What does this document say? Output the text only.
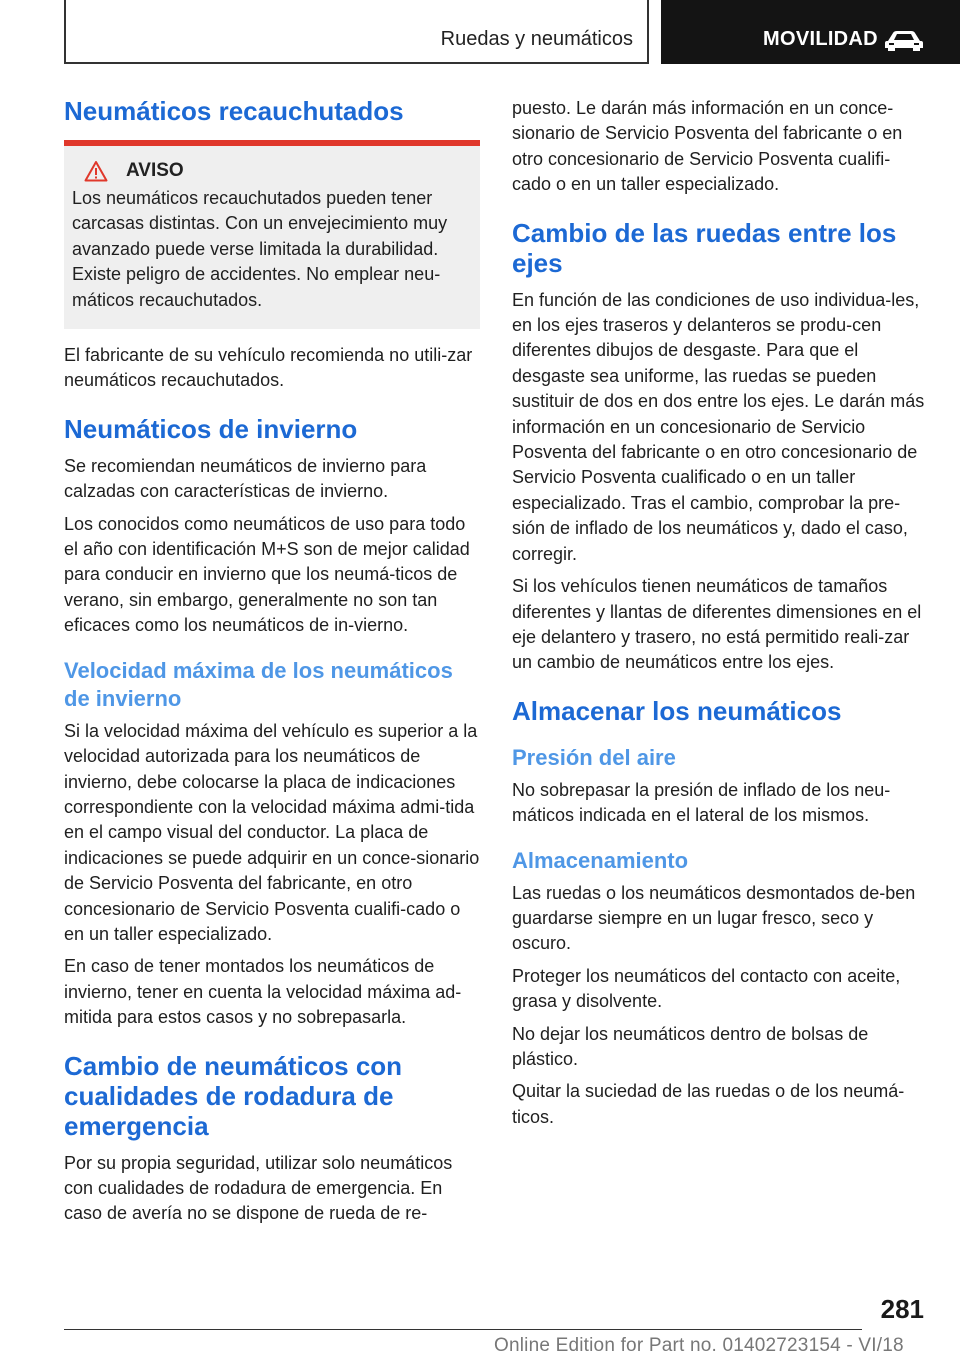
Ruedas y neumáticos	MOVILIDAD
Neumáticos recauchutados
AVISO

Los neumáticos recauchutados pueden tener carcasas distintas. Con un envejecimiento muy avanzado puede verse limitada la durabilidad. Existe peligro de accidentes. No emplear neu‐máticos recauchutados.

El fabricante de su vehículo recomienda no utili‐zar neumáticos recauchutados.

Neumáticos de invierno

Se recomiendan neumáticos de invierno para calzadas con características de invierno.

Los conocidos como neumáticos de uso para todo el año con identificación M+S son de mejor calidad para conducir en invierno que los neumá‐ticos de verano, sin embargo, generalmente no son tan eficaces como los neumáticos de in‐vierno.

Velocidad máxima de los neumáticos de invierno

Si la velocidad máxima del vehículo es superior a la velocidad autorizada para los neumáticos de invierno, debe colocarse la placa de indicaciones correspondiente con la velocidad máxima admi‐tida en el campo visual del conductor. La placa de indicaciones se puede adquirir en un conce‐sionario de Servicio Posventa del fabricante, en otro concesionario de Servicio Posventa cualifi‐cado o en un taller especializado.

En caso de tener montados los neumáticos de invierno, tener en cuenta la velocidad máxima ad‐mitida para estos casos y no sobrepasarla.

Cambio de neumáticos con cualidades de rodadura de emergencia

Por su propia seguridad, utilizar solo neumáticos con cualidades de rodadura de emergencia. En caso de avería no se dispone de rueda de re‐

puesto. Le darán más información en un conce‐sionario de Servicio Posventa del fabricante o en otro concesionario de Servicio Posventa cualifi‐cado o en un taller especializado.

Cambio de las ruedas entre los ejes

En función de las condiciones de uso individua‐les, en los ejes traseros y delanteros se produ‐cen diferentes dibujos de desgaste. Para que el desgaste sea uniforme, las ruedas se pueden sustituir de dos en dos entre los ejes. Le darán más información en un concesionario de Servicio Posventa del fabricante o en otro concesionario de Servicio Posventa cualificado o en un taller especializado. Tras el cambio, comprobar la pre‐sión de inflado de los neumáticos y, dado el caso, corregir.

Si los vehículos tienen neumáticos de tamaños diferentes y llantas de diferentes dimensiones en el eje delantero y trasero, no está permitido reali‐zar un cambio de neumáticos entre los ejes.

Almacenar los neumáticos
Presión del aire

No sobrepasar la presión de inflado de los neu‐máticos indicada en el lateral de los mismos.

Almacenamiento

Las ruedas o los neumáticos desmontados de‐ben guardarse siempre en un lugar fresco, seco y oscuro.

Proteger los neumáticos del contacto con aceite, grasa y disolvente.

No dejar los neumáticos dentro de bolsas de plástico.

Quitar la suciedad de las ruedas o de los neumá‐ticos.

281
Online Edition for Part no. 01402723154 - VI/18
